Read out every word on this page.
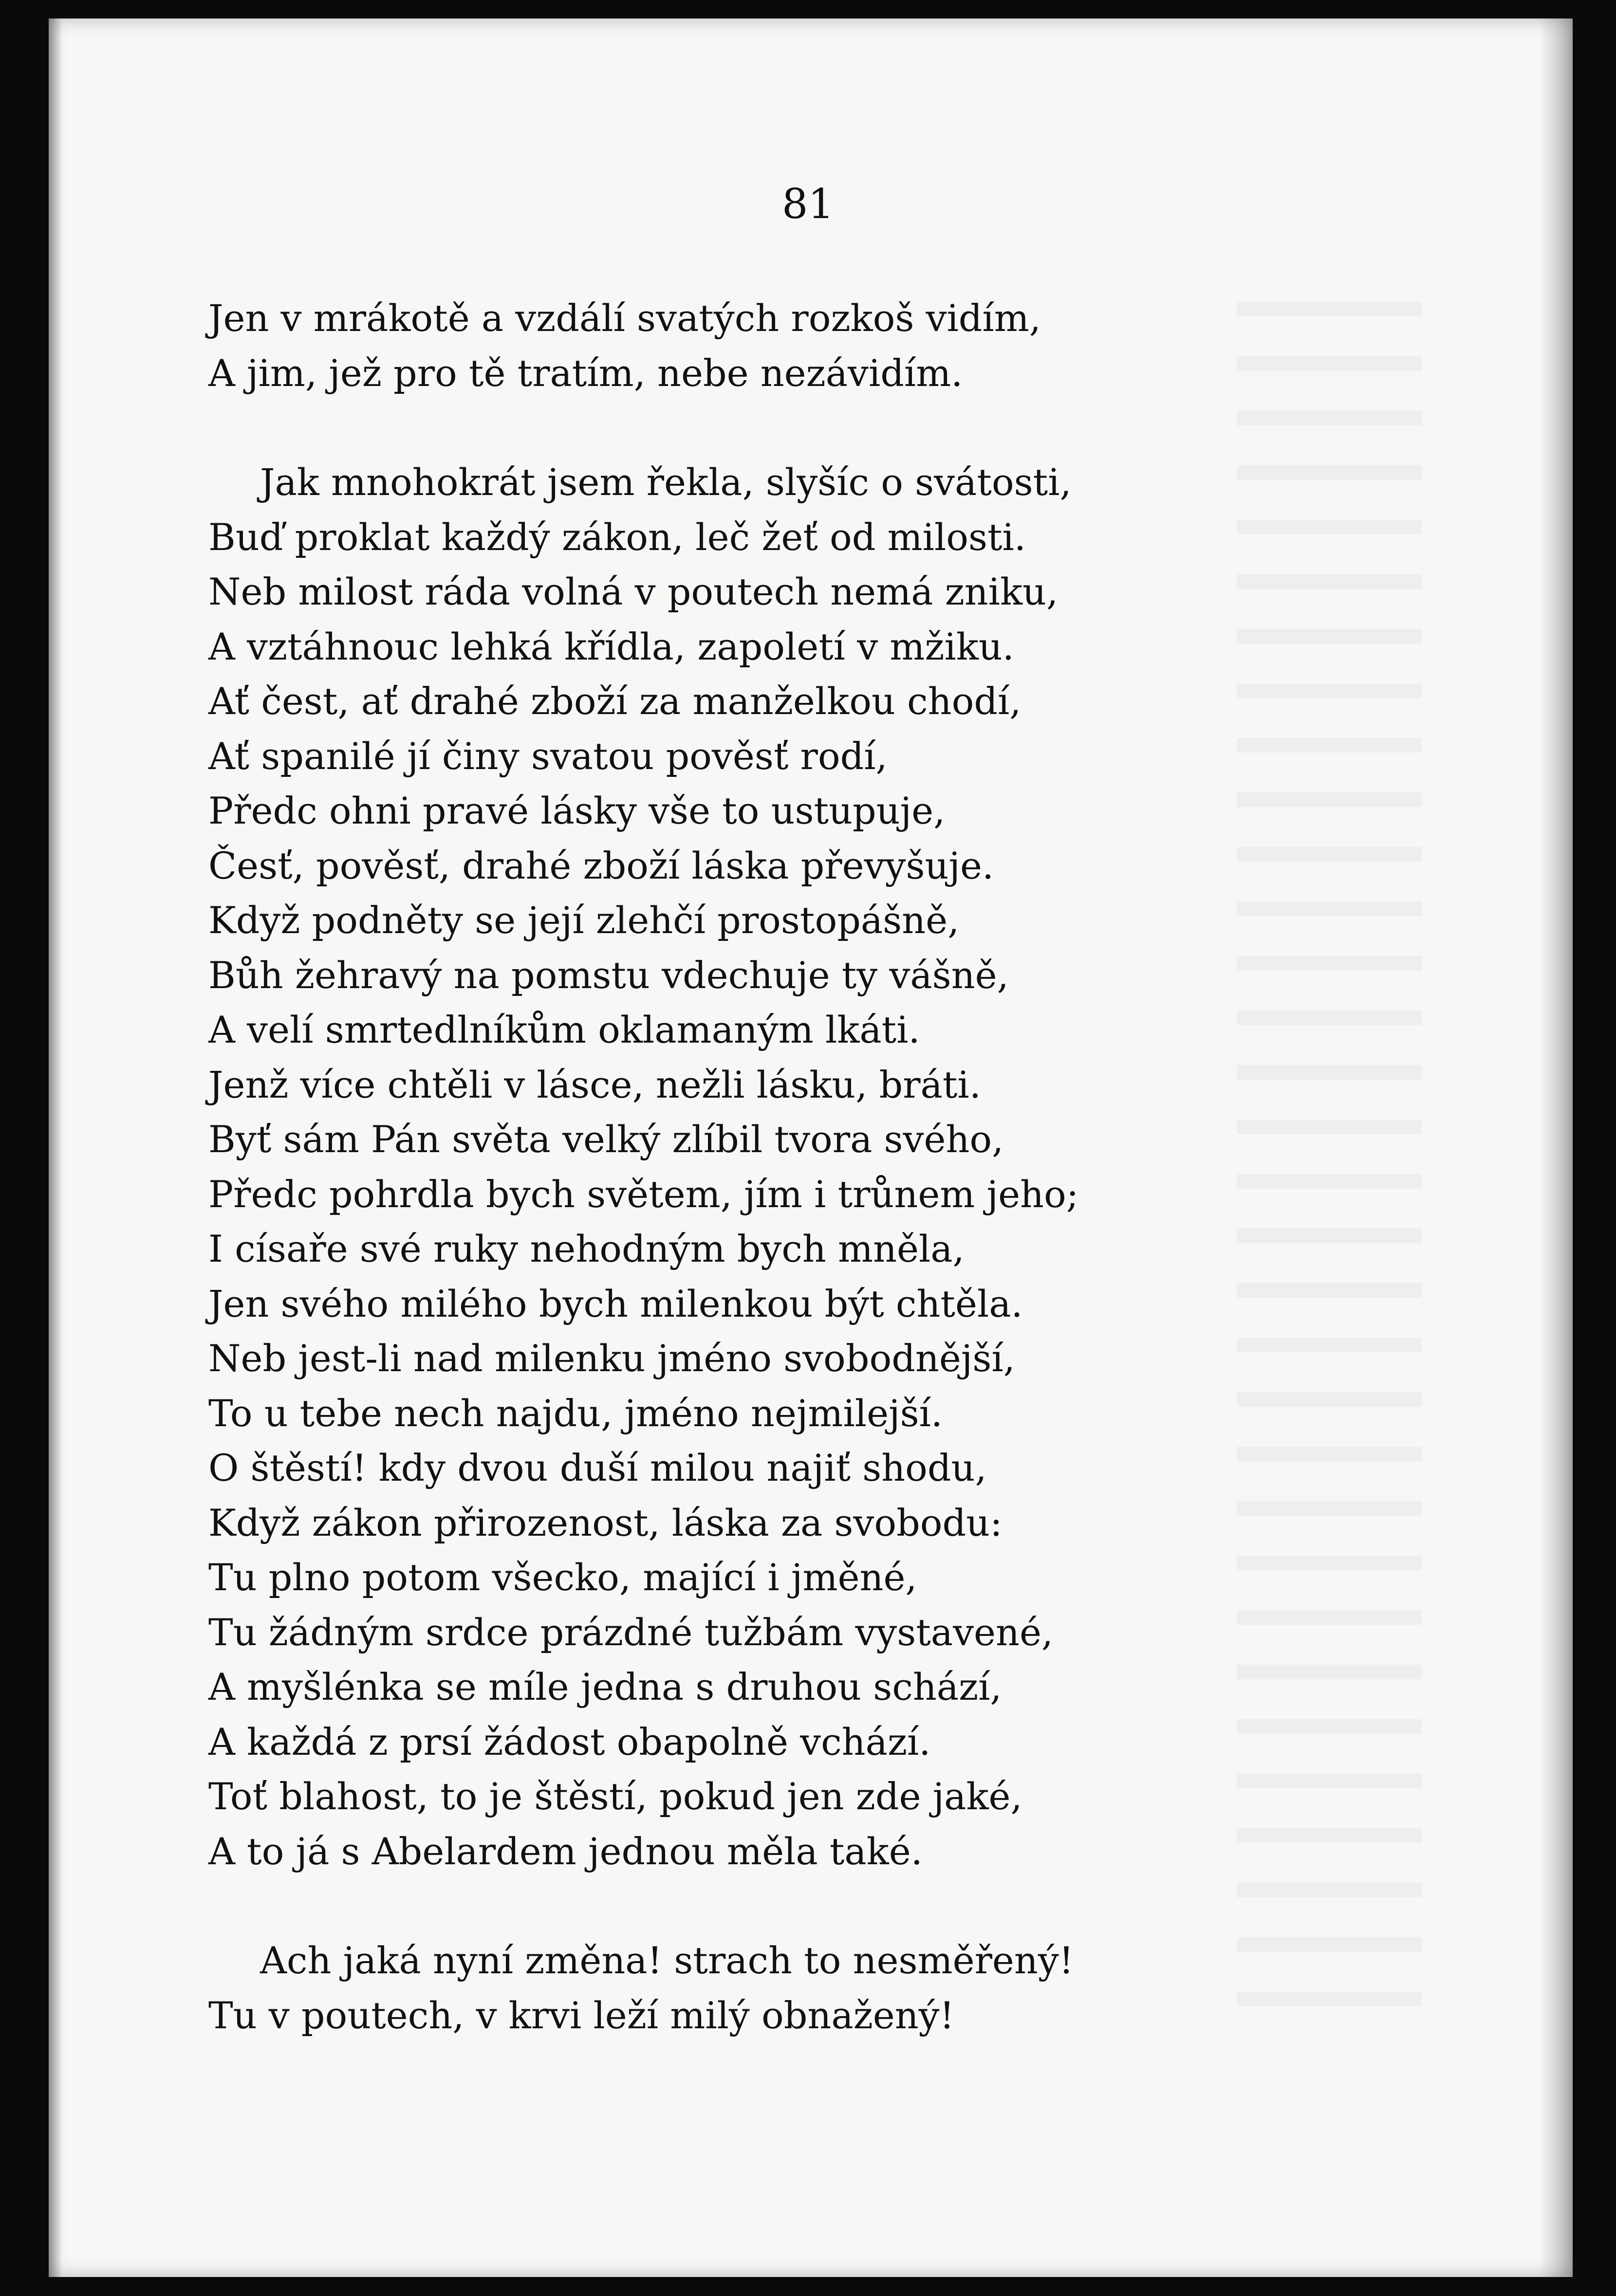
81
Jen v mrákotě a vzdálí svatých rozkoš vidím,
A jim, jež pro tě tratím, nebe nezávidím.
Jak mnohokrát jsem řekla, slyšíc o svátosti,
Buď proklat každý zákon, leč žeť od milosti.
Neb milost ráda volná v poutech nemá zniku,
A vztáhnouc lehká křídla, zapoletí v mžiku.
Ať čest, ať drahé zboží za manželkou chodí,
Ať spanilé jí činy svatou pověsť rodí,
Předc ohni pravé lásky vše to ustupuje,
Česť, pověsť, drahé zboží láska převyšuje.
Když podněty se její zlehčí prostopášně,
Bůh žehravý na pomstu vdechuje ty vášně,
A velí smrtedlníkům oklamaným lkáti.
Jenž více chtěli v lásce, nežli lásku, bráti.
Byť sám Pán světa velký zlíbil tvora svého,
Předc pohrdla bych světem, jím i trůnem jeho;
I císaře své ruky nehodným bych mněla,
Jen svého milého bych milenkou být chtěla.
Neb jest-li nad milenku jméno svobodnější,
To u tebe nech najdu, jméno nejmilejší.
O štěstí! kdy dvou duší milou najiť shodu,
Když zákon přirozenost, láska za svobodu:
Tu plno potom všecko, mající i jměné,
Tu žádným srdce prázdné tužbám vystavené,
A myšlénka se míle jedna s druhou schází,
A každá z prsí žádost obapolně vchází.
Toť blahost, to je štěstí, pokud jen zde jaké,
A to já s Abelardem jednou měla také.
Ach jaká nyní změna! strach to nesměřený!
Tu v poutech, v krvi leží milý obnažený!
